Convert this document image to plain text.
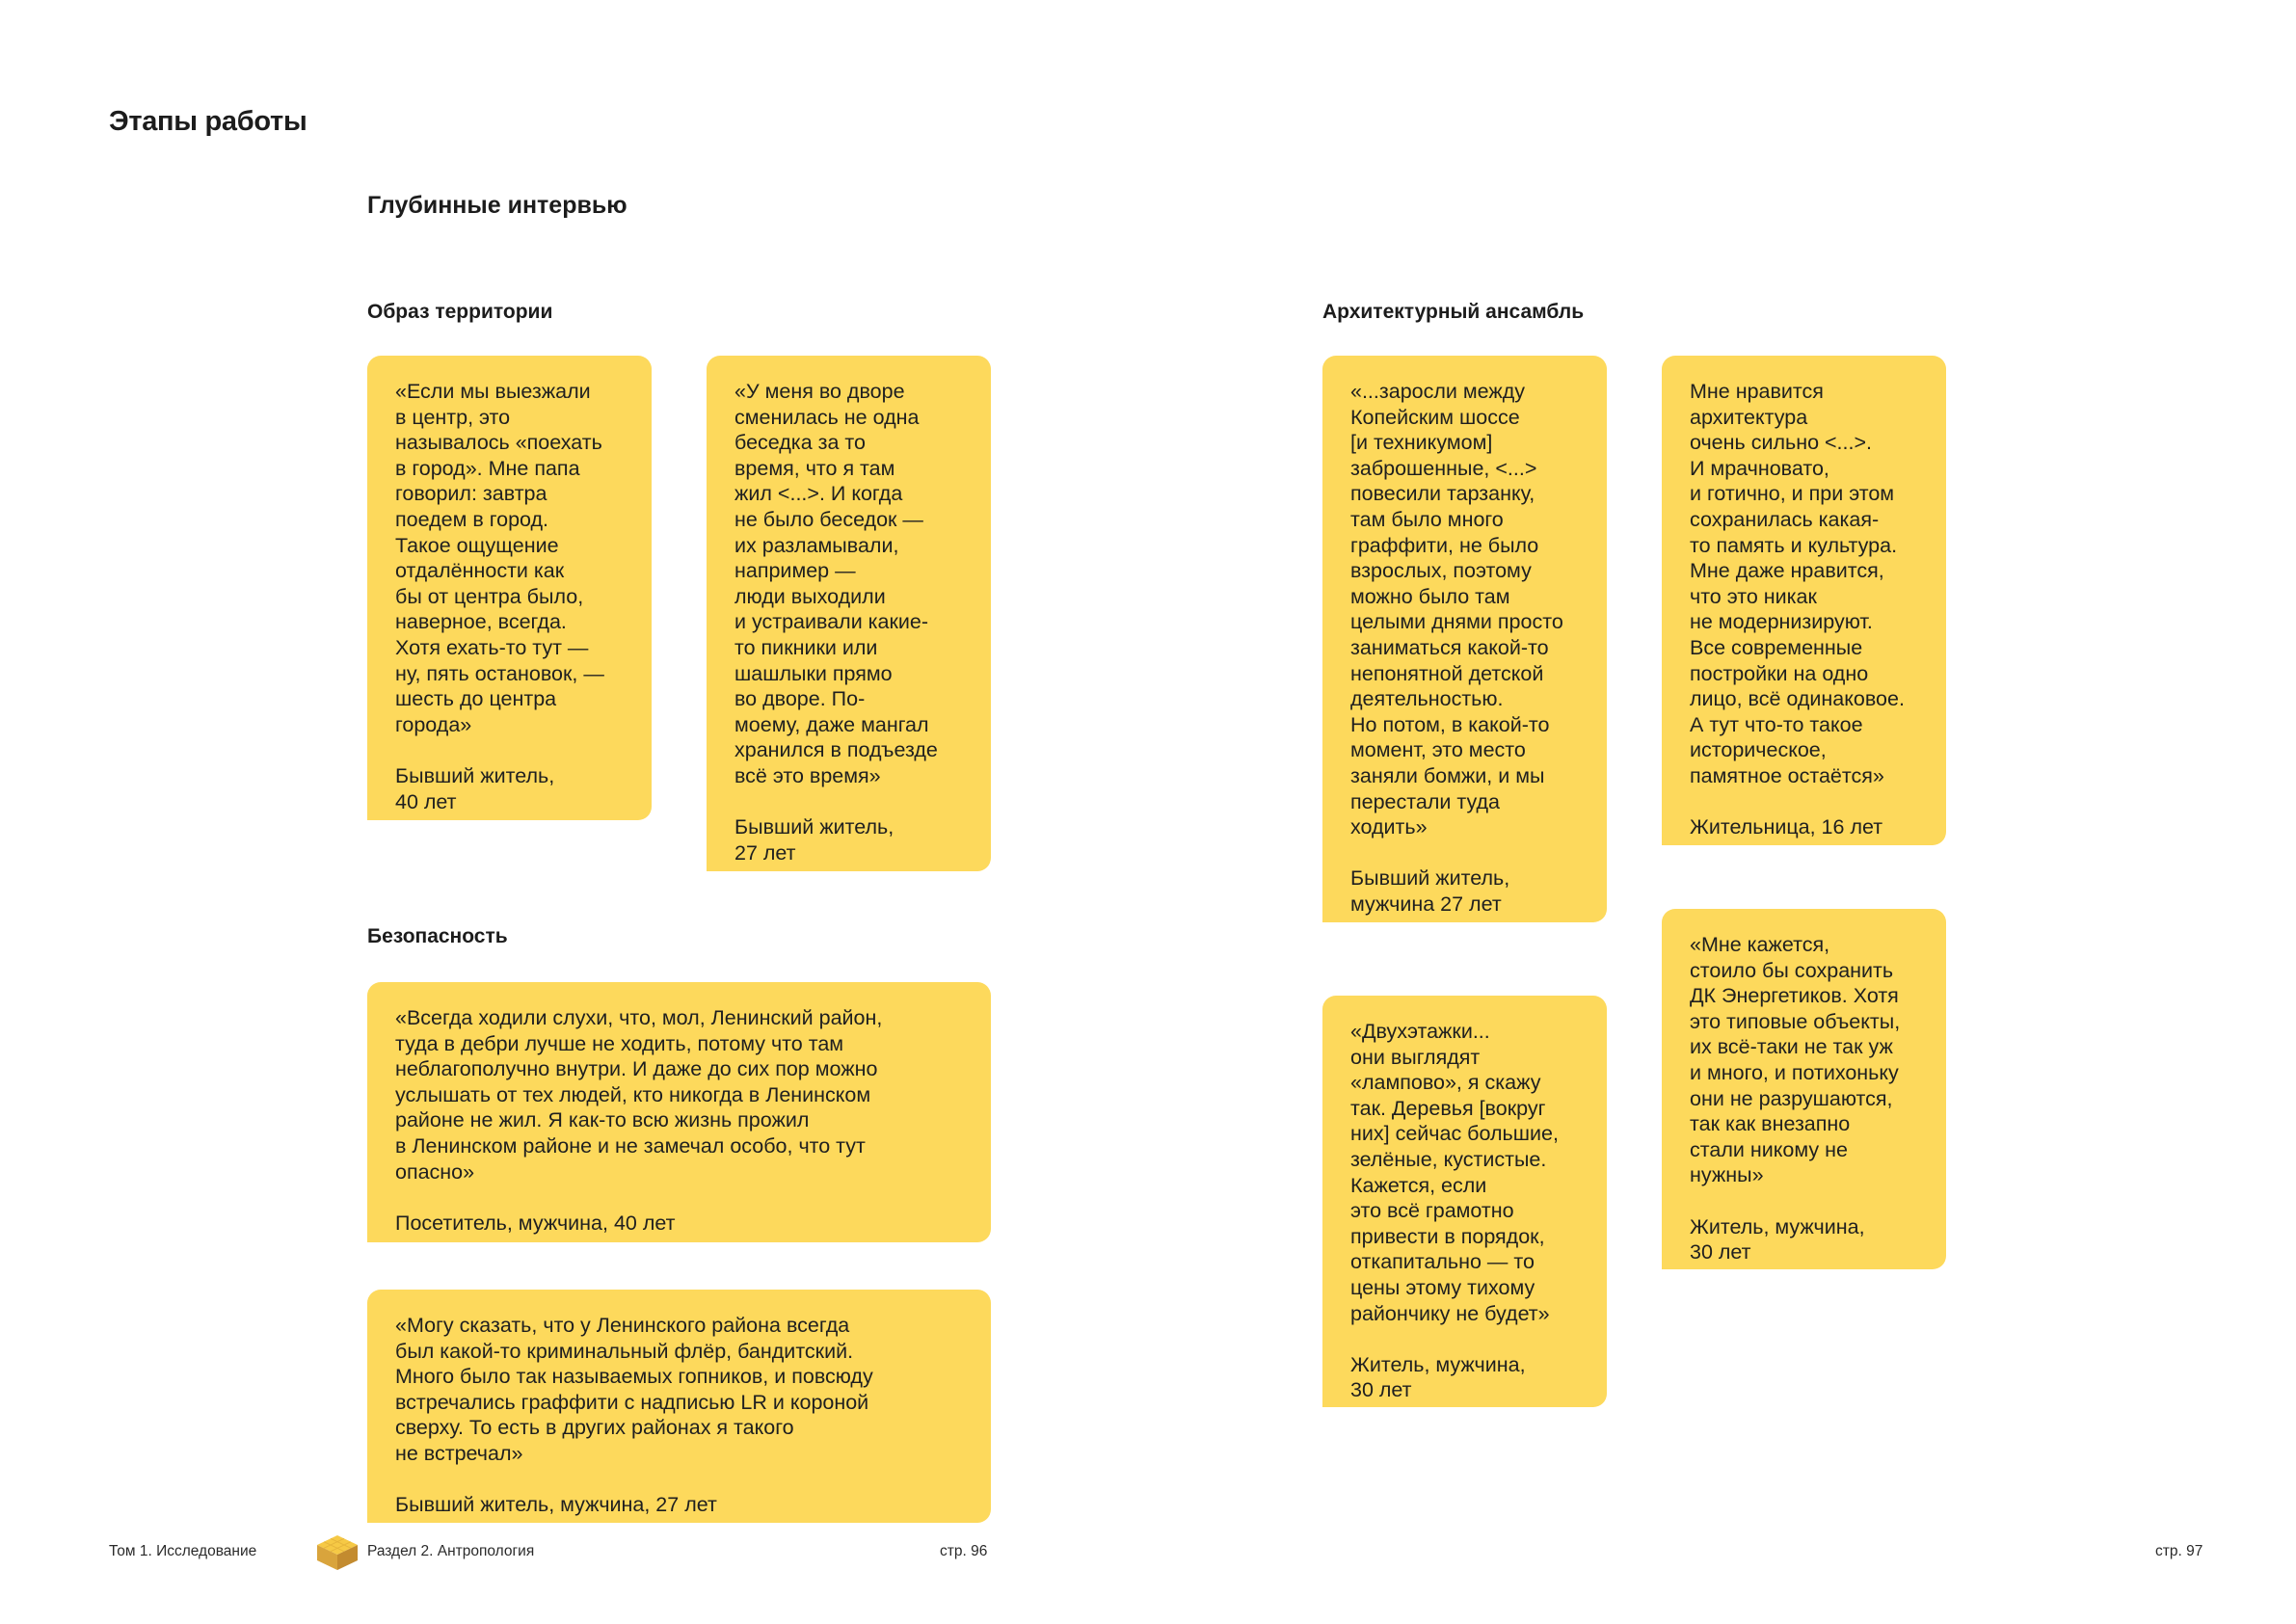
Этапы работы
Глубинные интервью
Образ территории
Безопасность
Архитектурный ансамбль

«Если мы выезжали
в центр, это
называлось «поехать
в город». Мне папа
говорил: завтра
поедем в город.
Такое ощущение
отдалённости как
бы от центра было,
наверное, всегда.
Хотя ехать-то тут —
ну, пять остановок, —
шесть до центра
города»

Бывший житель,
40 лет

«У меня во дворе
сменилась не одна
беседка за то
время, что я там
жил <...>. И когда
не было беседок —
их разламывали,
например —
люди выходили
и устраивали какие-
то пикники или
шашлыки прямо
во дворе. По-
моему, даже мангал
хранился в подъезде
всё это время»

Бывший житель,
27 лет

«Всегда ходили слухи, что, мол, Ленинский район,
туда в дебри лучше не ходить, потому что там
неблагополучно внутри. И даже до сих пор можно
услышать от тех людей, кто никогда в Ленинском
районе не жил. Я как-то всю жизнь прожил
в Ленинском районе и не замечал особо, что тут
опасно»

Посетитель, мужчина, 40 лет

«Могу сказать, что у Ленинского района всегда
был какой-то криминальный флёр, бандитский.
Много было так называемых гопников, и повсюду
встречались граффити с надписью LR и короной
сверху. То есть в других районах я такого
не встречал»

Бывший житель, мужчина, 27 лет

«...заросли между
Копейским шоссе
[и техникумом]
заброшенные, <...>
повесили тарзанку,
там было много
граффити, не было
взрослых, поэтому
можно было там
целыми днями просто
заниматься какой-то
непонятной детской
деятельностью.
Но потом, в какой-то
момент, это место
заняли бомжи, и мы
перестали туда
ходить»

Бывший житель,
мужчина 27 лет

Мне нравится
архитектура
очень сильно <...>.
И мрачновато,
и готично, и при этом
сохранилась какая-
то память и культура.
Мне даже нравится,
что это никак
не модернизируют.
Все современные
постройки на одно
лицо, всё одинаковое.
А тут что-то такое
историческое,
памятное остаётся»

Жительница, 16 лет

«Двухэтажки...
они выглядят
«лампово», я скажу
так. Деревья [вокруг
них] сейчас большие,
зелёные, кустистые.
Кажется, если
это всё грамотно
привести в порядок,
откапитально — то
цены этому тихому
райончику не будет»

Житель, мужчина,
30 лет

«Мне кажется,
стоило бы сохранить
ДК Энергетиков. Хотя
это типовые объекты,
их всё-таки не так уж
и много, и потихоньку
они не разрушаются,
так как внезапно
стали никому не
нужны»

Житель, мужчина,
30 лет

Том 1. Исследование	Раздел 2. Антропология	стр. 96	стр. 97
